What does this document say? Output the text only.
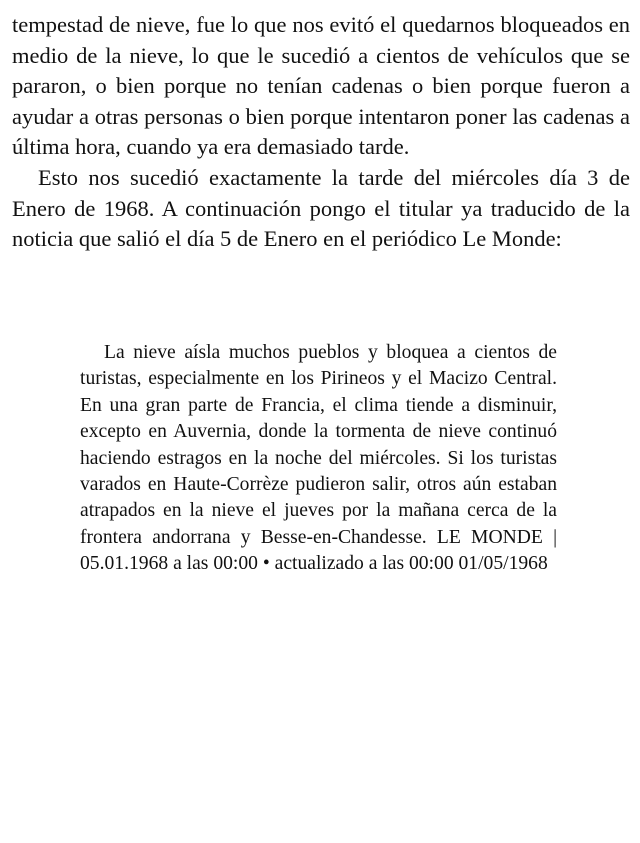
tempestad de nieve, fue lo que nos evitó el quedarnos bloqueados en medio de la nieve, lo que le sucedió a cientos de vehículos que se pararon, o bien porque no tenían cadenas o bien porque fueron a ayudar a otras personas o bien porque intentaron poner las cadenas a última hora, cuando ya era demasiado tarde.

Esto nos sucedió exactamente la tarde del miércoles día 3 de Enero de 1968. A continuación pongo el titular ya traducido de la noticia que salió el día 5 de Enero en el periódico Le Monde:

La nieve aísla muchos pueblos y bloquea a cientos de turistas, especialmente en los Pirineos y el Macizo Central. En una gran parte de Francia, el clima tiende a disminuir, excepto en Auvernia, donde la tormenta de nieve continuó haciendo estragos en la noche del miércoles. Si los turistas varados en Haute-Corrèze pudieron salir, otros aún estaban atrapados en la nieve el jueves por la mañana cerca de la frontera andorrana y Besse-en-Chandesse. LE MONDE | 05.01.1968 a las 00:00 • actualizado a las 00:00 01/05/1968
